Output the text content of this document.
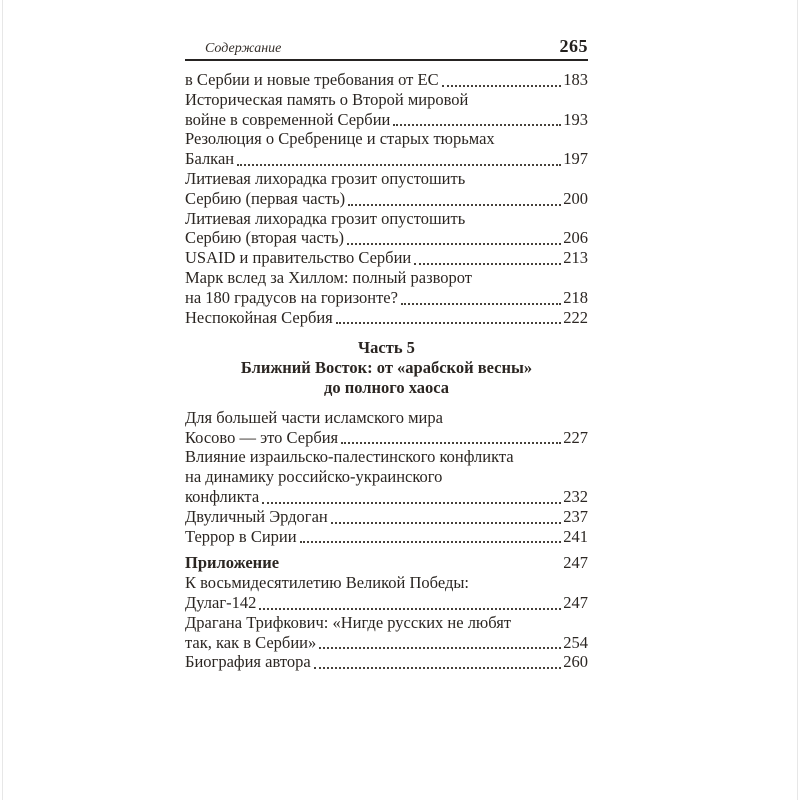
Содержание	265
в Сербии и новые требования от ЕС	183
Историческая память о Второй мировой
войне в современной Сербии	193
Резолюция о Сребренице и старых тюрьмах
Балкан	197
Литиевая лихорадка грозит опустошить
Сербию (первая часть)	200
Литиевая лихорадка грозит опустошить
Сербию (вторая часть)	206
USAID и правительство Сербии	213
Марк вслед за Хиллом: полный разворот
на 180 градусов на горизонте?	218
Неспокойная Сербия	222
Часть 5
Ближний Восток: от «арабской весны»
до полного хаоса
Для большей части исламского мира
Косово — это Сербия	227
Влияние израильско-палестинского конфликта
на динамику российско-украинского
конфликта	232
Двуличный Эрдоган	237
Террор в Сирии	241
Приложение	247
К восьмидесятилетию Великой Победы:
Дулаг-142	247
Драгана Трифкович: «Нигде русских не любят
так, как в Сербии»	254
Биография автора	260
